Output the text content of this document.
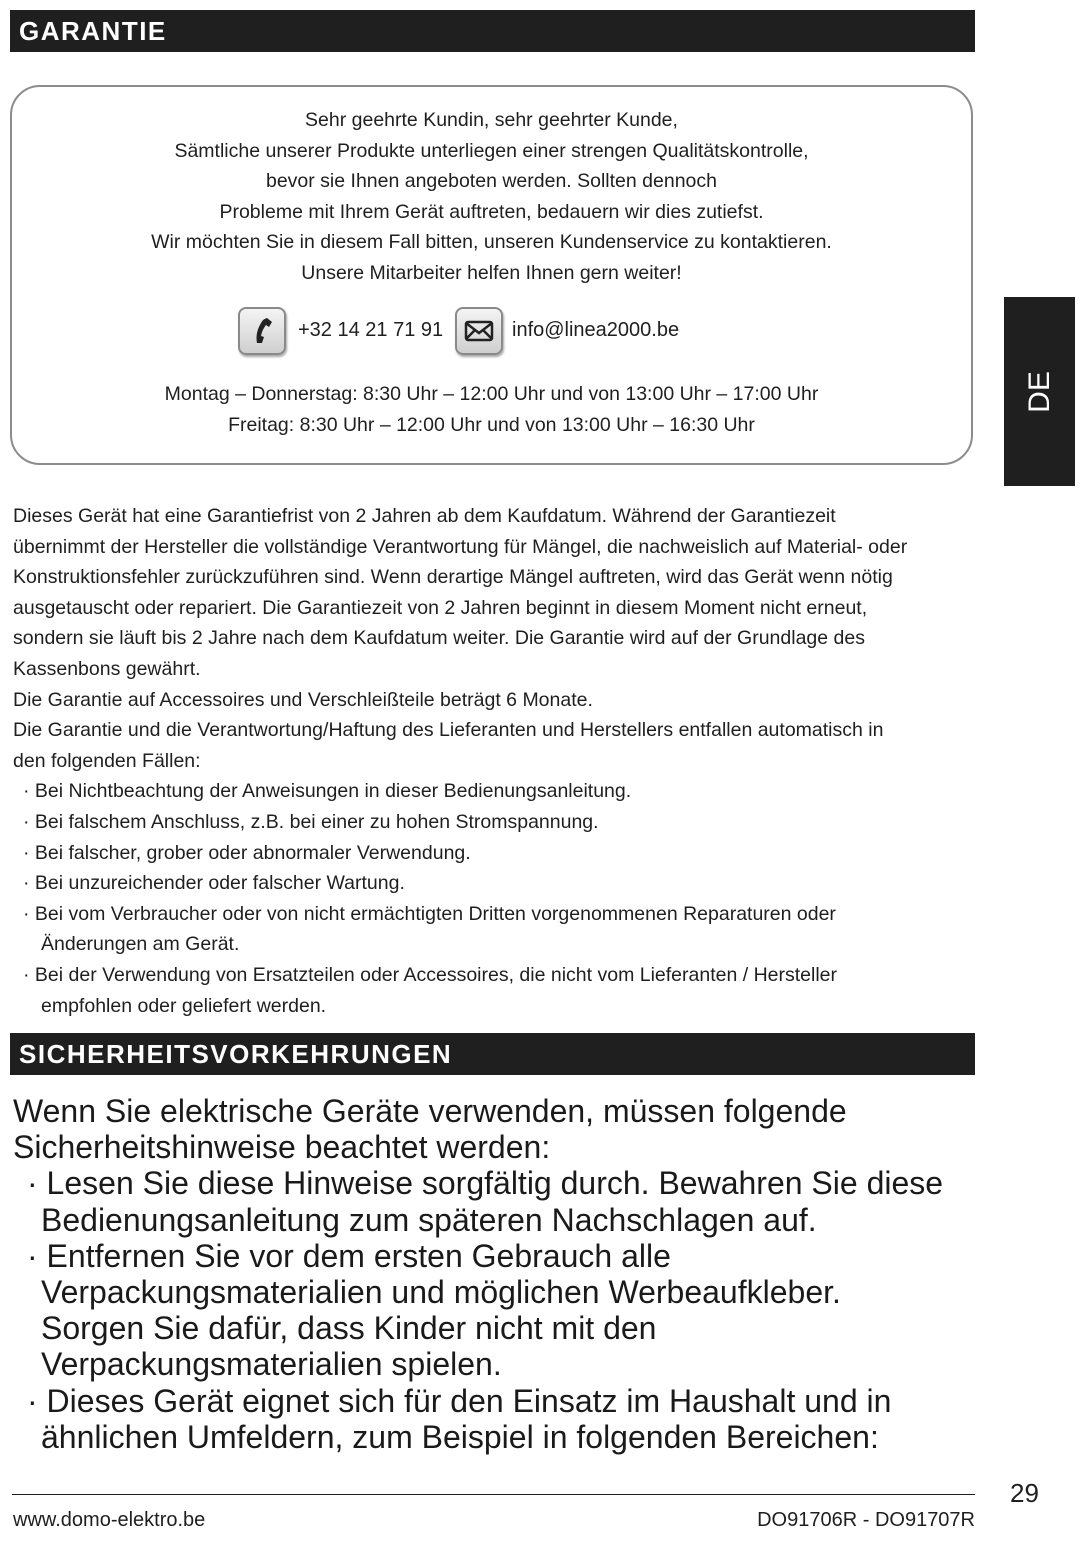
GARANTIE
Sehr geehrte Kundin, sehr geehrter Kunde,
Sämtliche unserer Produkte unterliegen einer strengen Qualitätskontrolle,
bevor sie Ihnen angeboten werden. Sollten dennoch
Probleme mit Ihrem Gerät auftreten, bedauern wir dies zutiefst.
Wir möchten Sie in diesem Fall bitten, unseren Kundenservice zu kontaktieren.
Unsere Mitarbeiter helfen Ihnen gern weiter!
+32 14 21 71 91	info@linea2000.be
Montag – Donnerstag: 8:30 Uhr – 12:00 Uhr und von 13:00 Uhr – 17:00 Uhr
Freitag: 8:30 Uhr – 12:00 Uhr und von 13:00 Uhr – 16:30 Uhr
DE
Dieses Gerät hat eine Garantiefrist von 2 Jahren ab dem Kaufdatum. Während der Garantiezeit
übernimmt der Hersteller die vollständige Verantwortung für Mängel, die nachweislich auf Material- oder
Konstruktionsfehler zurückzuführen sind. Wenn derartige Mängel auftreten, wird das Gerät wenn nötig
ausgetauscht oder repariert. Die Garantiezeit von 2 Jahren beginnt in diesem Moment nicht erneut,
sondern sie läuft bis 2 Jahre nach dem Kaufdatum weiter. Die Garantie wird auf der Grundlage des
Kassenbons gewährt.
Die Garantie auf Accessoires und Verschleißteile beträgt 6 Monate.
Die Garantie und die Verantwortung/Haftung des Lieferanten und Herstellers entfallen automatisch in
den folgenden Fällen:
· Bei Nichtbeachtung der Anweisungen in dieser Bedienungsanleitung.
· Bei falschem Anschluss, z.B. bei einer zu hohen Stromspannung.
· Bei falscher, grober oder abnormaler Verwendung.
· Bei unzureichender oder falscher Wartung.
· Bei vom Verbraucher oder von nicht ermächtigten Dritten vorgenommenen Reparaturen oder
Änderungen am Gerät.
· Bei der Verwendung von Ersatzteilen oder Accessoires, die nicht vom Lieferanten / Hersteller
empfohlen oder geliefert werden.
SICHERHEITSVORKEHRUNGEN
Wenn Sie elektrische Geräte verwenden, müssen folgende
Sicherheitshinweise beachtet werden:
· Lesen Sie diese Hinweise sorgfältig durch. Bewahren Sie diese
Bedienungsanleitung zum späteren Nachschlagen auf.
· Entfernen Sie vor dem ersten Gebrauch alle
Verpackungsmaterialien und möglichen Werbeaufkleber.
Sorgen Sie dafür, dass Kinder nicht mit den
Verpackungsmaterialien spielen.
· Dieses Gerät eignet sich für den Einsatz im Haushalt und in
ähnlichen Umfeldern, zum Beispiel in folgenden Bereichen:
29
www.domo-elektro.be	DO91706R - DO91707R
